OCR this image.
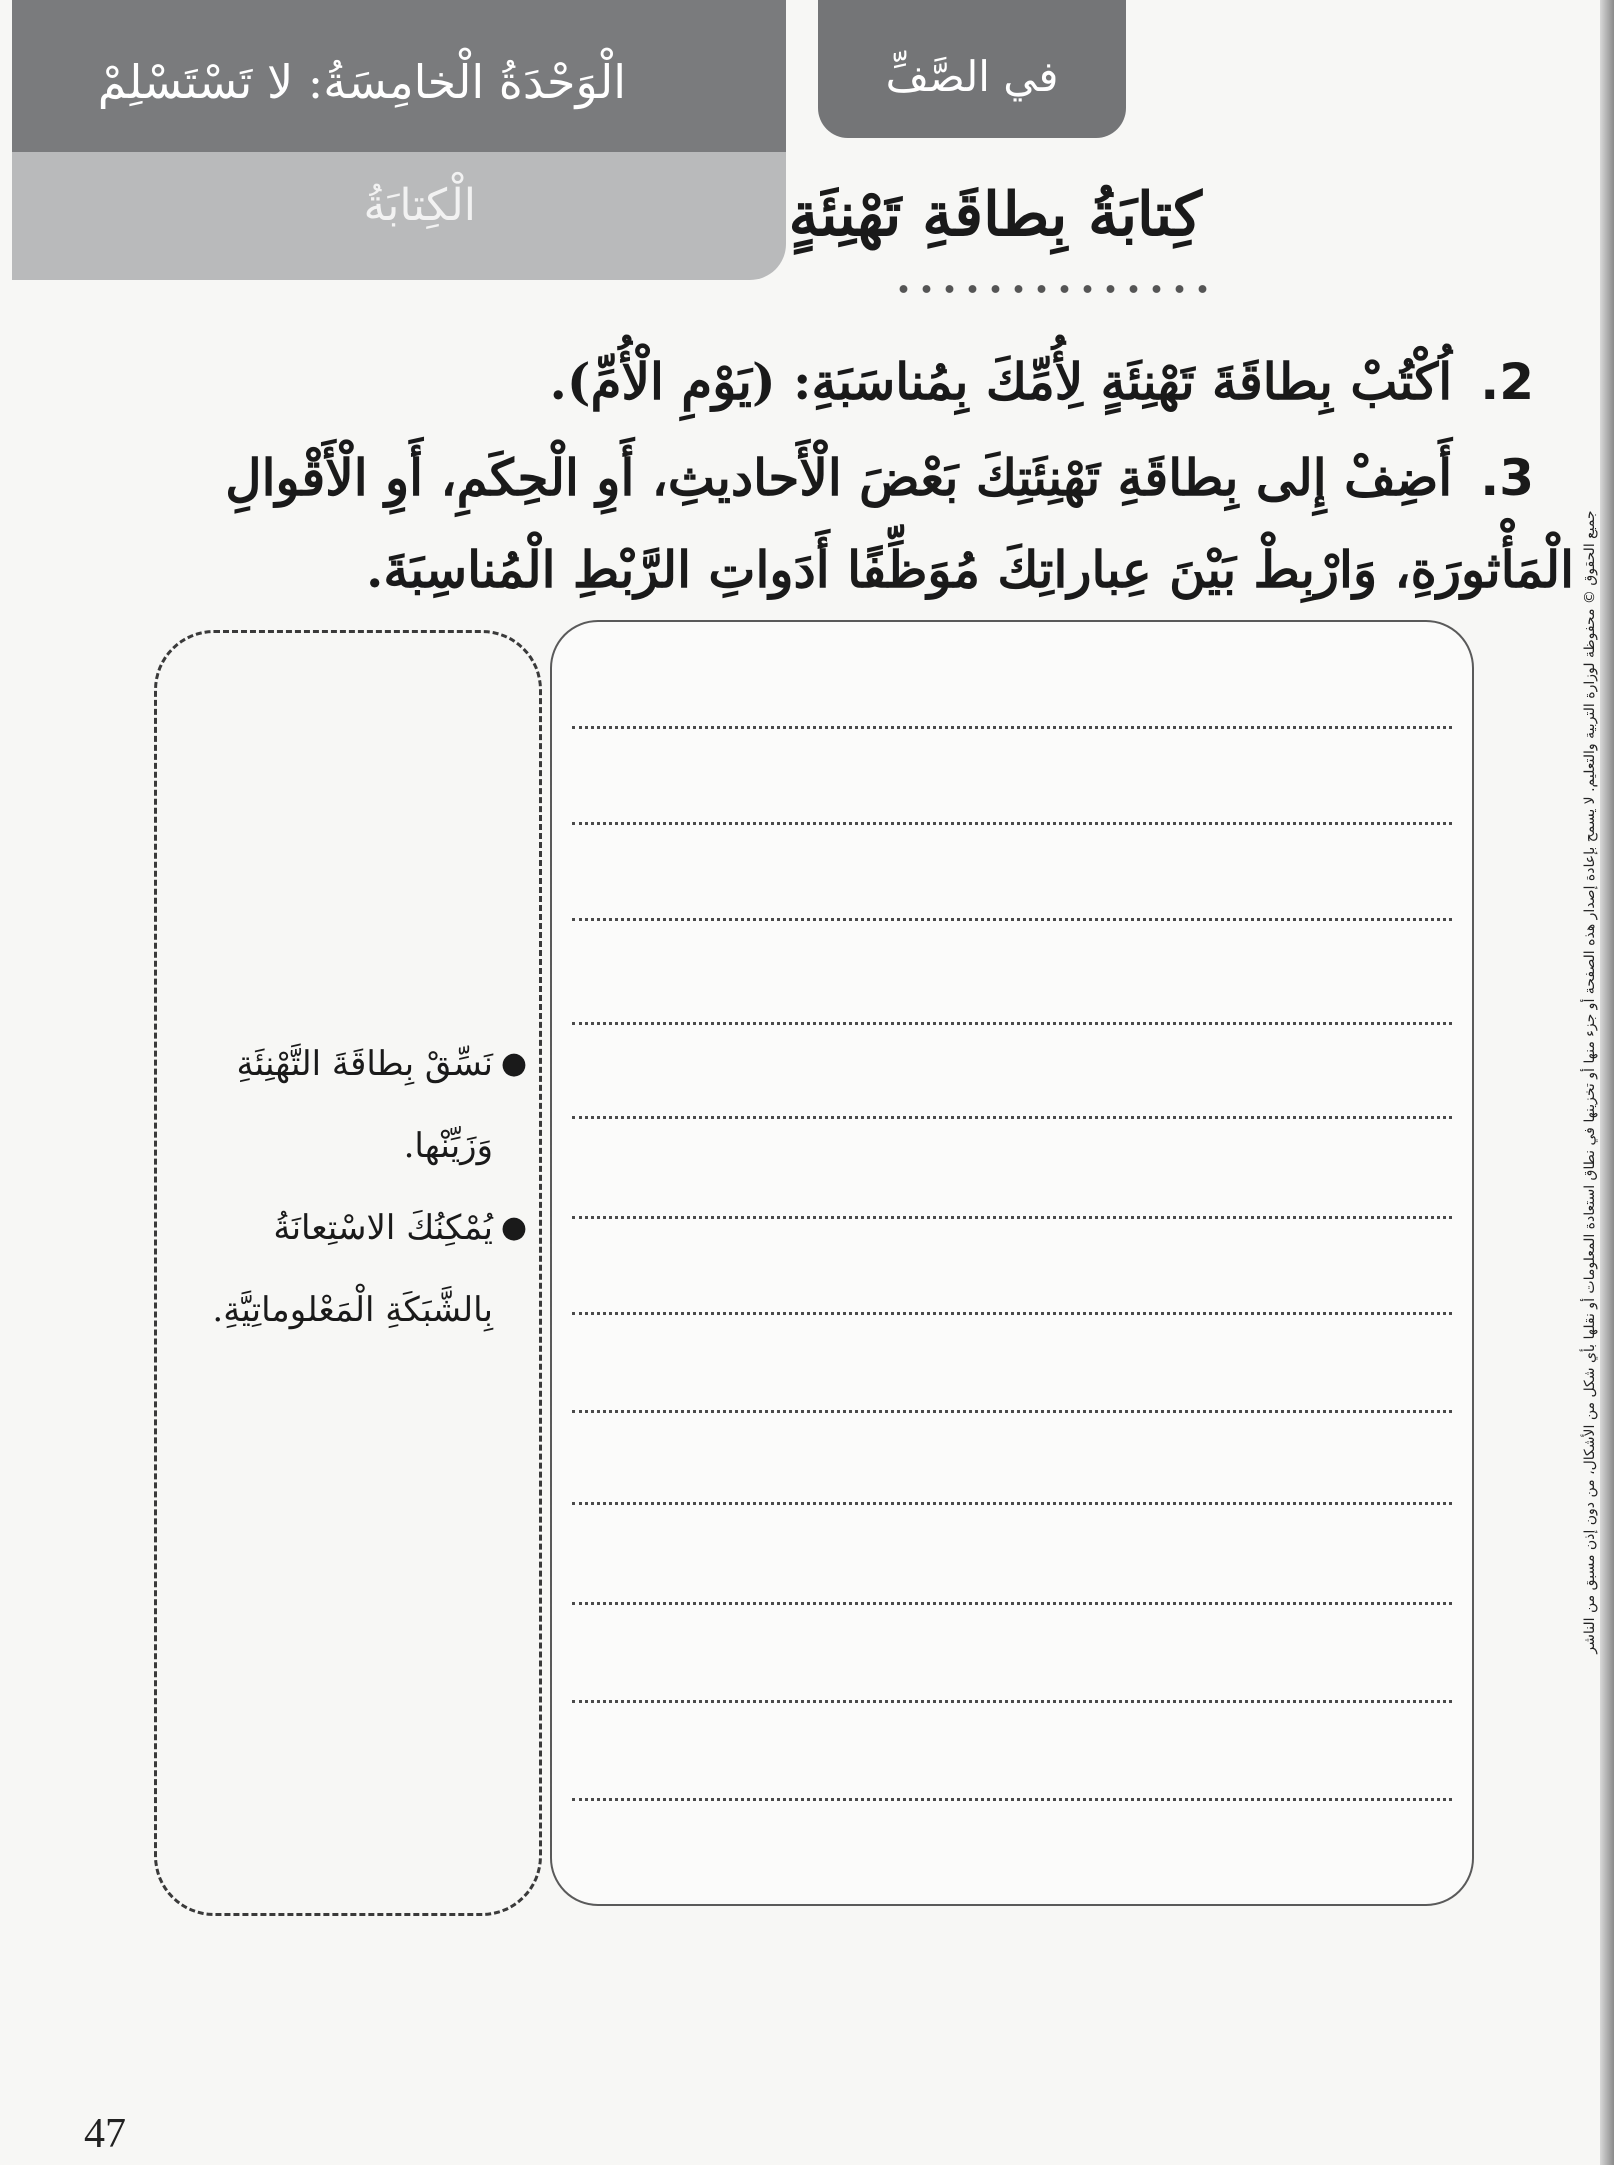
الْوَحْدَةُ الْخامِسَةُ: لا تَسْتَسْلِمْ
الْكِتابَةُ
في الصَّفِّ
كِتابَةُ بِطاقَةِ تَهْنِئَةٍ
2.اُكْتُبْ بِطاقَةَ تَهْنِئَةٍ لِأُمِّكَ بِمُناسَبَةِ: (يَوْمِ الْأُمِّ).
3.أَضِفْ إِلى بِطاقَةِ تَهْنِئَتِكَ بَعْضَ الْأَحاديثِ، أَوِ الْحِكَمِ، أَوِ الْأَقْوالِ
الْمَأْثورَةِ، وَارْبِطْ بَيْنَ عِباراتِكَ مُوَظِّفًا أَدَواتِ الرَّبْطِ الْمُناسِبَةَ.
●
نَسِّقْ بِطاقَةَ التَّهْنِئَةِ وَزَيِّنْها.
●
يُمْكِنُكَ الاسْتِعانَةُ بِالشَّبَكَةِ الْمَعْلوماتِيَّةِ.	جميع الحقوق © محفوظة لوزارة التربية والتعليم. لا يسمح بإعادة إصدار هذه الصفحة أو جزء منها أو تخزينها في نطاق استعادة المعلومات أو نقلها بأي شكل من الأشكال، من دون إذن مسبق من الناشر
47
